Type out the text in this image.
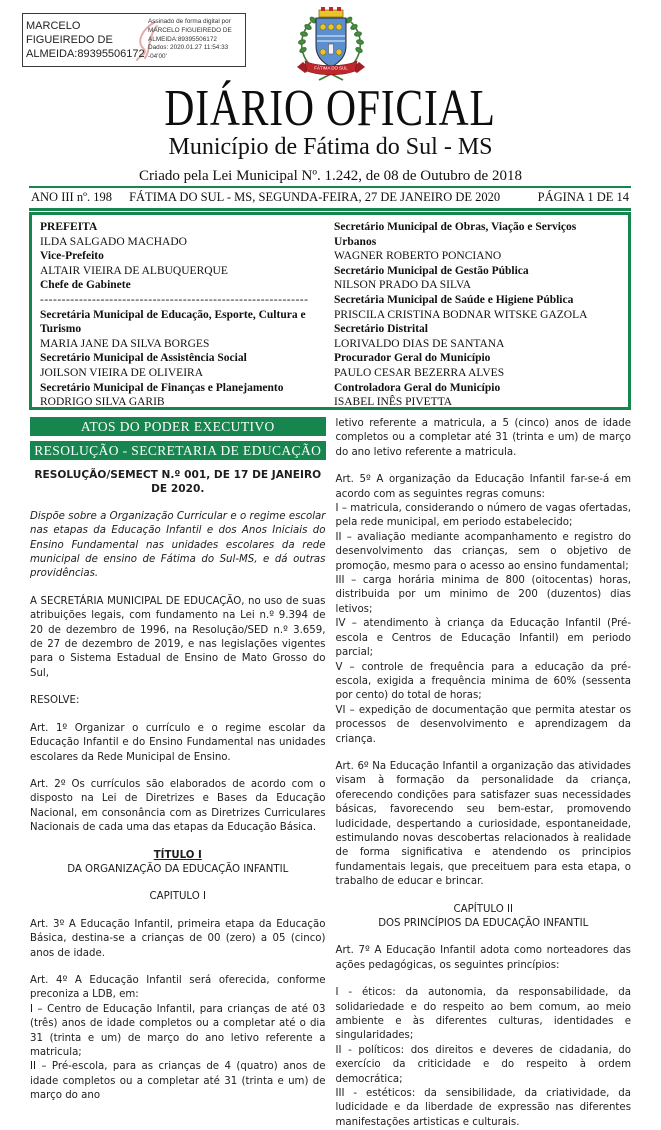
MARCELO FIGUEIREDO DE
ALMEIDA:89395506172
Assinado de forma digital por
MARCELO FIGUEIREDO DE
ALMEIDA:89395506172
Dados: 2020.01.27 11:54:33 -04'00'
FÁTIMA DO SUL
DIÁRIO OFICIAL
Município de Fátima do Sul - MS
Criado pela Lei Municipal Nº. 1.242, de 08 de Outubro de 2018
ANO III nº. 198 FÁTIMA DO SUL - MS, SEGUNDA-FEIRA, 27 DE JANEIRO DE 2020	PÁGINA 1 DE 14
PREFEITA
ILDA SALGADO MACHADO
Vice-Prefeito
ALTAIR VIEIRA DE ALBUQUERQUE
Chefe de Gabinete
--------------------------------------------------------------
Secretária Municipal de Educação, Esporte, Cultura e Turismo
MARIA JANE DA SILVA BORGES
Secretário Municipal de Assistência Social
JOILSON VIEIRA DE OLIVEIRA
Secretário Municipal de Finanças e Planejamento
RODRIGO SILVA GARIB
Secretário Municipal de Obras, Viação e Serviços Urbanos
WAGNER ROBERTO PONCIANO
Secretário Municipal de Gestão Pública
NILSON PRADO DA SILVA
Secretária Municipal de Saúde e Higiene Pública
PRISCILA CRISTINA BODNAR WITSKE GAZOLA
Secretário Distrital
LORIVALDO DIAS DE SANTANA
Procurador Geral do Município
PAULO CESAR BEZERRA ALVES
Controladora Geral do Município
ISABEL INÊS PIVETTA
ATOS DO PODER EXECUTIVO
RESOLUÇÃO - SECRETARIA DE EDUCAÇÃO

RESOLUÇÃO/SEMECT N.º 001, DE 17 DE JANEIRO DE 2020.

Dispõe sobre a Organização Curricular e o regime escolar nas etapas da Educação Infantil e dos Anos Iniciais do Ensino Fundamental nas unidades escolares da rede municipal de ensino de Fátima do Sul-MS, e dá outras providências.

A SECRETÁRIA MUNICIPAL DE EDUCAÇÃO, no uso de suas atribuições legais, com fundamento na Lei n.º 9.394 de 20 de dezembro de 1996, na Resolução/SED n.º 3.659, de 27 de dezembro de 2019, e nas legislações vigentes para o Sistema Estadual de Ensino de Mato Grosso do Sul,

RESOLVE:

Art. 1º Organizar o currículo e o regime escolar da Educação Infantil e do Ensino Fundamental nas unidades escolares da Rede Municipal de Ensino.

Art. 2º Os currículos são elaborados de acordo com o disposto na Lei de Diretrizes e Bases da Educação Nacional, em consonância com as Diretrizes Curriculares Nacionais de cada uma das etapas da Educação Básica.

TÍTULO I

DA ORGANIZAÇÃO DA EDUCAÇÃO INFANTIL

CAPITULO I

Art. 3º A Educação Infantil, primeira etapa da Educação Básica, destina-se a crianças de 00 (zero) a 05 (cinco) anos de idade.

Art. 4º A Educação Infantil será oferecida, conforme preconiza a LDB, em:

I – Centro de Educação Infantil, para crianças de até 03 (três) anos de idade completos ou a completar até o dia 31 (trinta e um) de março do ano letivo referente a matricula;

II – Pré-escola, para as crianças de 4 (quatro) anos de idade completos ou a completar até 31 (trinta e um) de março do ano

letivo referente a matricula, a 5 (cinco) anos de idade completos ou a completar até 31 (trinta e um) de março do ano letivo referente a matricula.

Art. 5º A organização da Educação Infantil far-se-á em acordo com as seguintes regras comuns:

I – matricula, considerando o número de vagas ofertadas, pela rede municipal, em periodo estabelecido;

II – avaliação mediante acompanhamento e registro do desenvolvimento das crianças, sem o objetivo de promoção, mesmo para o acesso ao ensino fundamental;

III – carga horária minima de 800 (oitocentas) horas, distribuida por um minimo de 200 (duzentos) dias letivos;

IV – atendimento à criança da Educação Infantil (Pré-escola e Centros de Educação Infantil) em periodo parcial;

V – controle de frequência para a educação da pré-escola, exigida a frequência minima de 60% (sessenta por cento) do total de horas;

VI – expedição de documentação que permita atestar os processos de desenvolvimento e aprendizagem da criança.

Art. 6º Na Educação Infantil a organização das atividades visam à formação da personalidade da criança, oferecendo condições para satisfazer suas necessidades básicas, favorecendo seu bem-estar, promovendo ludicidade, despertando a curiosidade, espontaneidade, estimulando novas descobertas relacionados à realidade de forma significativa e atendendo os principios fundamentais legais, que preceituem para esta etapa, o trabalho de educar e brincar.

CAPÍTULO II

DOS PRINCÍPIOS DA EDUCAÇÃO INFANTIL

Art. 7º A Educação Infantil adota como norteadores das ações pedagógicas, os seguintes princípios:

I - éticos: da autonomia, da responsabilidade, da solidariedade e do respeito ao bem comum, ao meio ambiente e às diferentes culturas, identidades e singularidades;

II - políticos: dos direitos e deveres de cidadania, do exercício da criticidade e do respeito à ordem democrática;

III - estéticos: da sensibilidade, da criatividade, da ludicidade e da liberdade de expressão nas diferentes manifestações artisticas e culturais.
